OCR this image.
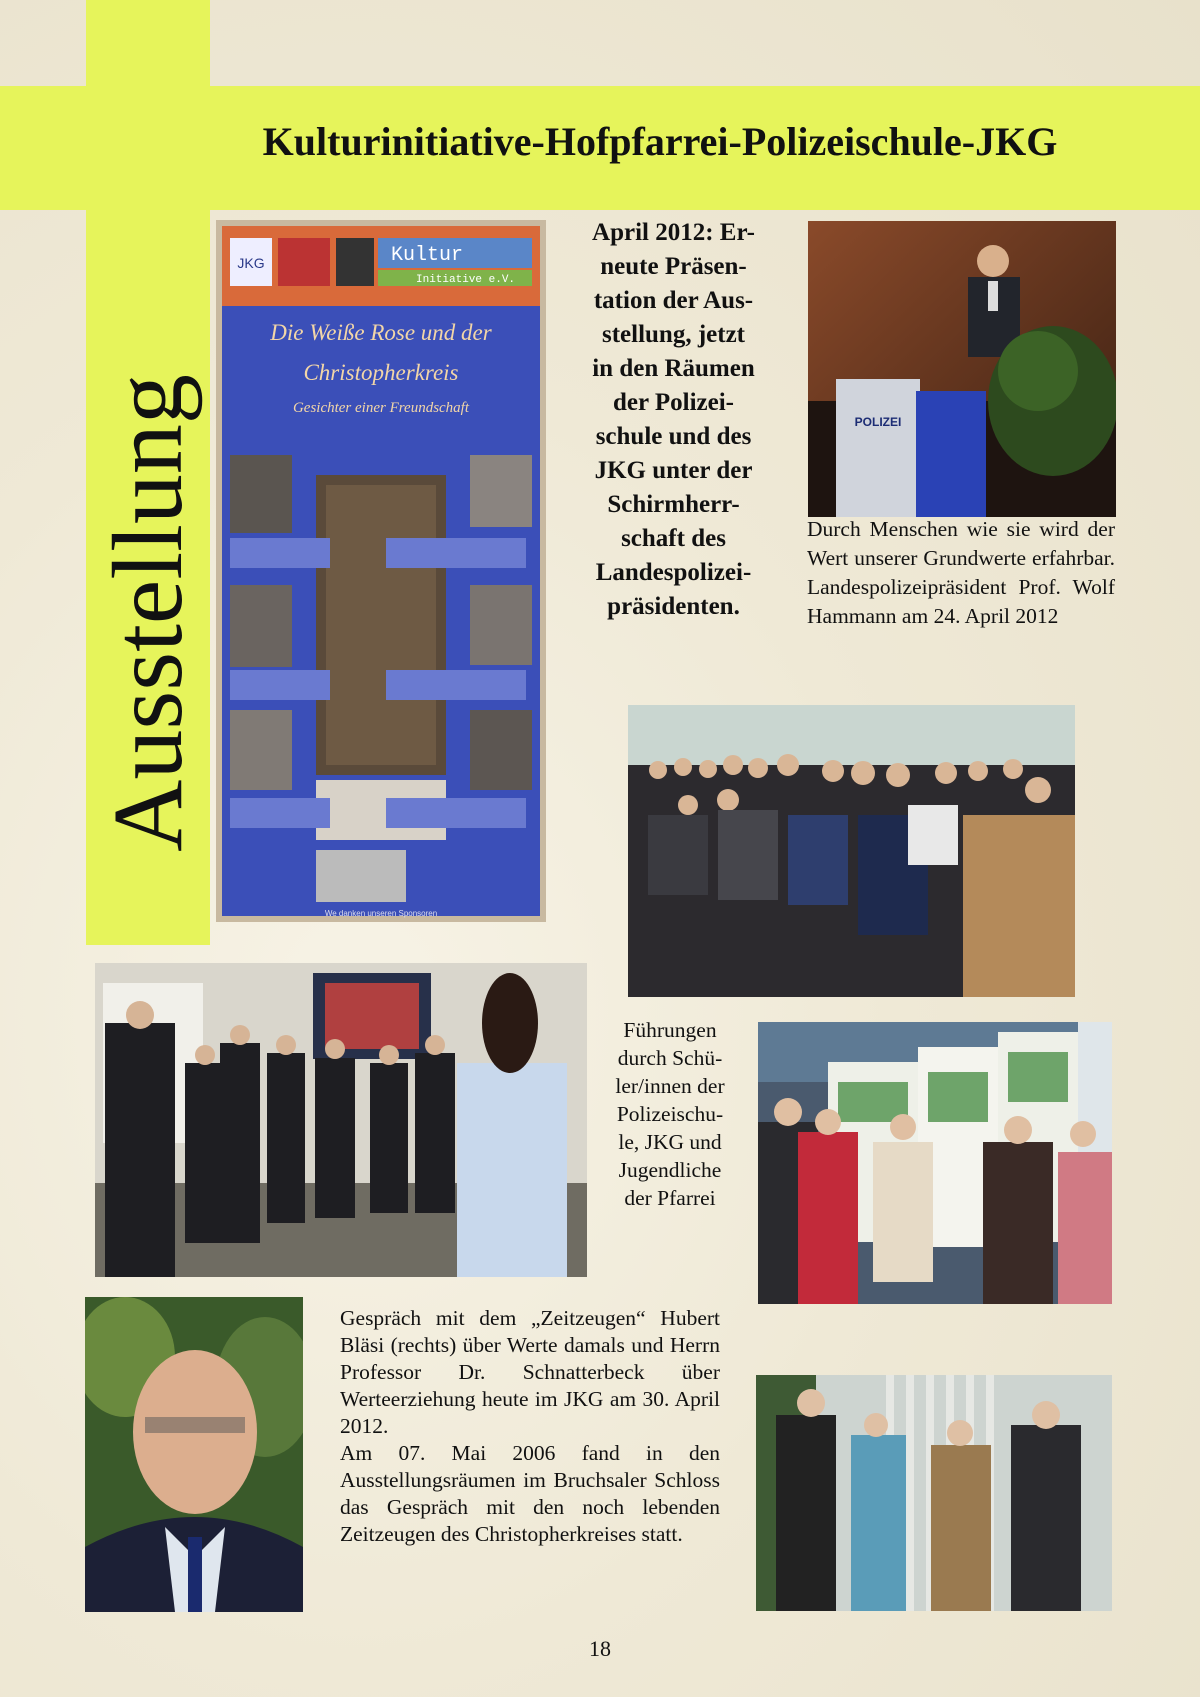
Kulturinitiative-Hofpfarrei-Polizeischule-JKG
Ausstellung
JKG	Kultur
Initiative e.V.
Die Weiße Rose und der
Christopherkreis
Gesichter einer Freundschaft
We danken unseren Sponsoren
April 2012: Er-
neute Präsen-
tation der Aus-
stellung, jetzt
in den Räumen
der Polizei-
schule und des
JKG unter der
Schirmherr-
schaft des
Landespolizei-
präsidenten.
POLIZEI

Durch Menschen wie sie wird der Wert unserer Grundwerte erfahrbar. Landespolizeipräsident Prof. Wolf Hammann am 24. April 2012

Führungen
durch Schü-
ler/innen der
Polizeischu-
le, JKG und
Jugendliche
der Pfarrei

Gespräch mit dem „Zeitzeugen“ Hubert Bläsi (rechts) über Werte damals und Herrn Professor Dr. Schnatterbeck über Werteerziehung heute im JKG am 30. April 2012.

Am 07. Mai 2006 fand in den Ausstellungsräumen im Bruchsaler Schloss das Gespräch mit den noch lebenden Zeitzeugen des Christopherkreises statt.

18
